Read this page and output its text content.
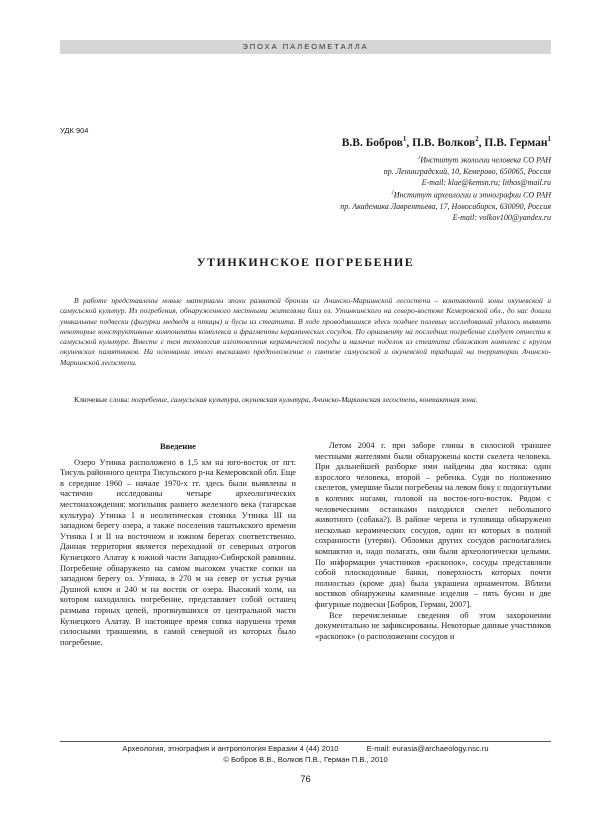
ЭПОХА ПАЛЕОМЕТАЛЛА
УДК 904
В.В. Бобров$^1$, П.В. Волков$^2$, П.В. Герман$^1$
$^1$Институт экологии человека СО РАН
пр. Ленинградский, 10, Кемерово, 650065, Россия
E-mail: klae@kemsn.ru; lithos@mail.ru
$^2$Институт археологии и этнографии СО РАН
пр. Академика Лаврентьева, 17, Новосибирск, 630090, Россия
E-mail: volkov100@yandex.ru
УТИНКИНСКОЕ ПОГРЕБЕНИЕ
В работе представлены новые материалы эпохи развитой бронзы из Ачинско-Мариинской лесостепи – контактной зоны окуневской и самусьской культур. Из погребения, обнаруженного местными жителями близ оз. Утинкинского на северо-востоке Кемеровской обл., до нас дошли уникальные подвески (фигурки медведя и птицы) и бусы из стеатита. В ходе проводившихся здесь позднее полевых исследований удалось выявить некоторые конструктивные компоненты комплекса и фрагменты керамических сосудов. По орнаменту на последних погребение следует отнести к самусьской культуре. Вместе с тем технология изготовления керамической посуды и наличие поделок из стеатита сближают комплекс с кругом окуневских памятников. На основании этого высказано предположение о синтезе самусьской и окуневской традиций на территории Ачинско-Мариинской лесостепи.
Ключевые слова: погребение, самусьская культура, окуневская культура, Ачинско-Мариинская лесостепь, контактная зона.
Введение

Озеро Утинка расположено в 1,5 км на юго-восток от пгт. Тисуль районного центра Тисульского р-на Кемеровской обл. Еще в середине 1960 – начале 1970-х гг. здесь были выявлены и частично исследованы четыре археологических местонахождения: могильник раннего железного века (тагарская культура) Утинка I и неолитическая стоянка Утинка III на западном берегу озера, а также поселения таштыкского времени Утинка I и II на восточном и южном берегах соответственно. Данная территория является переходной от северных отрогов Кузнецкого Алатау к южной части Западно-Сибирской равнины. Погребение обнаружено на самом высоком участке сопки на западном берегу оз. Утинка, в 270 м на север от устья ручья Душной ключ и 240 м на восток от озера. Высокий холм, на котором находилось погребение, представляет собой останец размыва горных цепей, протянувшихся от центральной части Кузнецкого Алатау. В настоящее время сопка нарушена тремя силосными траншеями, в самой северной из которых было погребение.

Летом 2004 г. при заборе глины в силосной траншее местными жителями были обнаружены кости скелета человека. При дальнейшей разборке ими найдены два костяка: один взрослого человека, второй – ребенка. Судя по положению скелетов, умершие были погребены на левом боку с подогнутыми в коленях ногами, головой на восток-юго-восток. Рядом с человеческими останками находился скелет небольшого животного (собака?). В районе черепа и туловища обнаружено несколько керамических сосудов, один из которых в полной сохранности (утерян). Обломки других сосудов располагались компактно и, надо полагать, они были археологически целыми. По информации участников «раскопок», сосуды представляли собой плоскодонные банки, поверхность которых почти полностью (кроме дна) была украшена орнаментом. Вблизи костяков обнаружены каменные изделия – пять бусин и две фигурные подвески [Бобров, Герман, 2007].

Все перечисленные сведения об этом захоронении документально не зафиксированы. Некоторые данные участников «раскопок» (о расположении сосудов и

Археология, этнография и антропология Евразии 4 (44) 2010	E-mail: eurasia@archaeology.nsc.ru
© Бобров В.В., Волков П.В., Герман П.В., 2010
76
